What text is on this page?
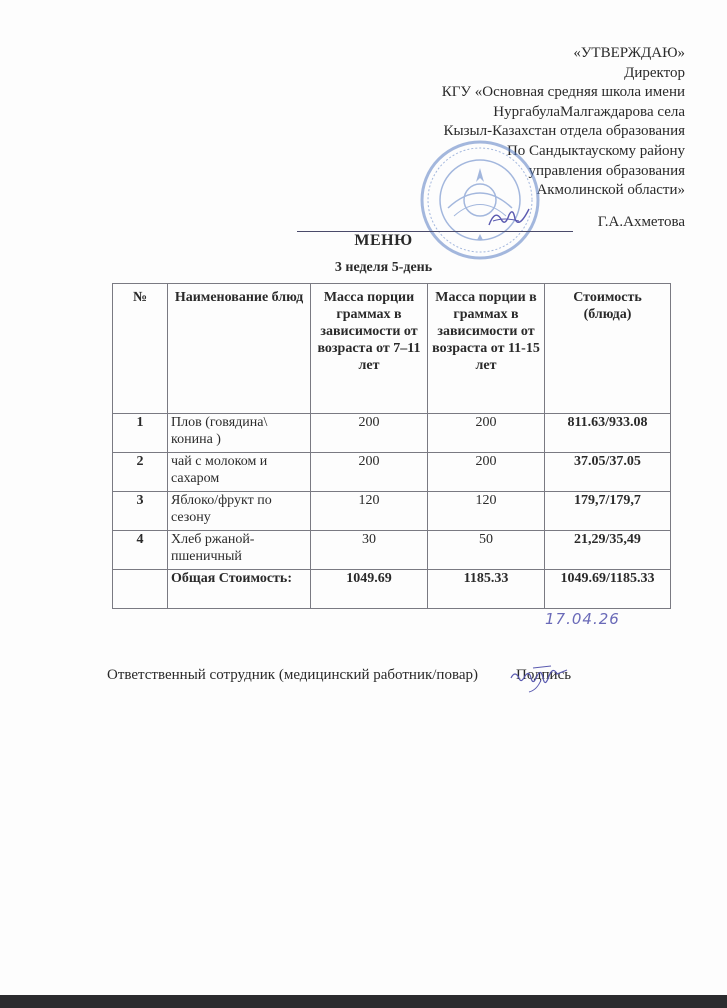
«УТВЕРЖДАЮ»
Директор
КГУ «Основная средняя школа имени
НургабулаМалгаждарова села
Кызыл-Казахстан отдела образования
По Сандыктаускому району
управления образования
Акмолинской области»
Г.А.Ахметова
МЕНЮ
3 неделя 5-день
№	Наименование блюд	Масса порции граммах в зависимости от возраста от 7–11 лет	Масса порции в граммах в зависимости от возраста от 11-15 лет	Стоимость (блюда)
1	Плов (говядина\ конина )	200	200	811.63/933.08
2	чай с молоком и сахаром	200	200	37.05/37.05
3	Яблоко/фрукт по сезону	120	120	179,7/179,7
4	Хлеб ржаной-пшеничный	30	50	21,29/35,49
	Общая Стоимость:	1049.69	1185.33	1049.69/1185.33
17.04.26
Ответственный сотрудник (медицинский работник/повар)	Подпись
